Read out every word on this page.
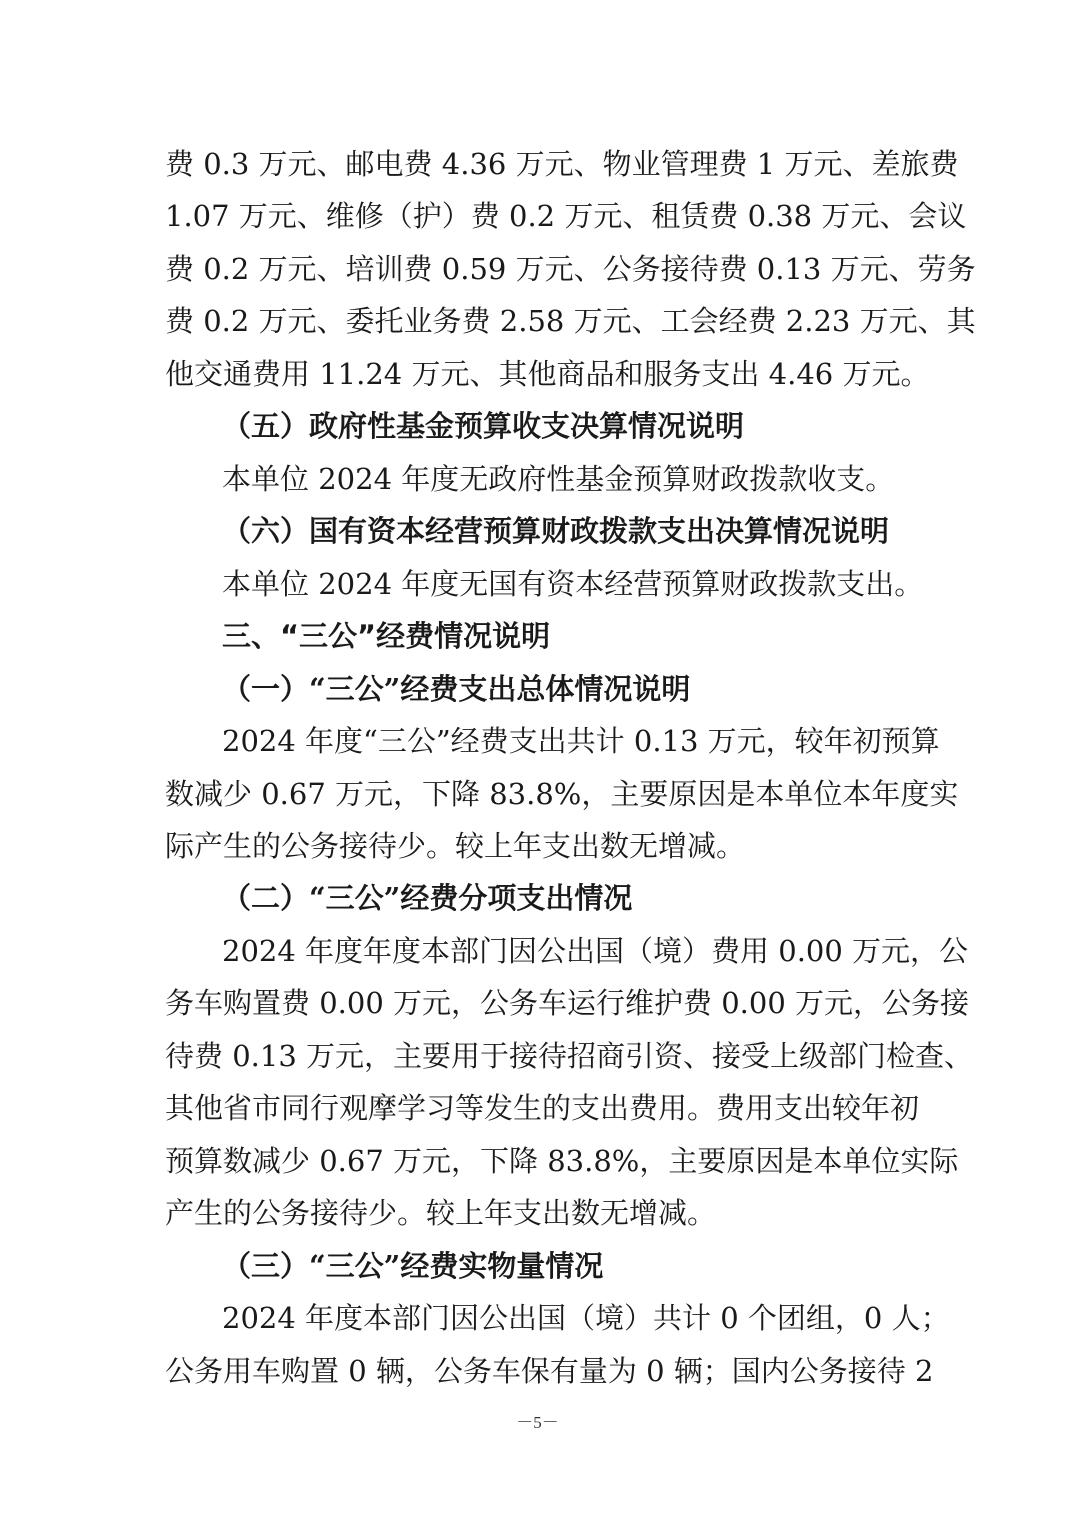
费 0.3 万元、邮电费 4.36 万元、物业管理费 1 万元、差旅费
1.07 万元、维修（护）费 0.2 万元、租赁费 0.38 万元、会议
费 0.2 万元、培训费 0.59 万元、公务接待费 0.13 万元、劳务
费 0.2 万元、委托业务费 2.58 万元、工会经费 2.23 万元、其
他交通费用 11.24 万元、其他商品和服务支出 4.46 万元。
（五）政府性基金预算收支决算情况说明
本单位 2024 年度无政府性基金预算财政拨款收支。
（六）国有资本经营预算财政拨款支出决算情况说明
本单位 2024 年度无国有资本经营预算财政拨款支出。
三、“三公”经费情况说明
（一）“三公”经费支出总体情况说明
2024 年度“三公”经费支出共计 0.13 万元，较年初预算
数减少 0.67 万元，下降 83.8%，主要原因是本单位本年度实
际产生的公务接待少。较上年支出数无增减。
（二）“三公”经费分项支出情况
2024 年度年度本部门因公出国（境）费用 0.00 万元，公
务车购置费 0.00 万元，公务车运行维护费 0.00 万元，公务接
待费 0.13 万元，主要用于接待招商引资、接受上级部门检查、
其他省市同行观摩学习等发生的支出费用。费用支出较年初
预算数减少 0.67 万元，下降 83.8%，主要原因是本单位实际
产生的公务接待少。较上年支出数无增减。
（三）“三公”经费实物量情况
2024 年度本部门因公出国（境）共计 0 个团组，0 人；
公务用车购置 0 辆，公务车保有量为 0 辆；国内公务接待 2
－5－
